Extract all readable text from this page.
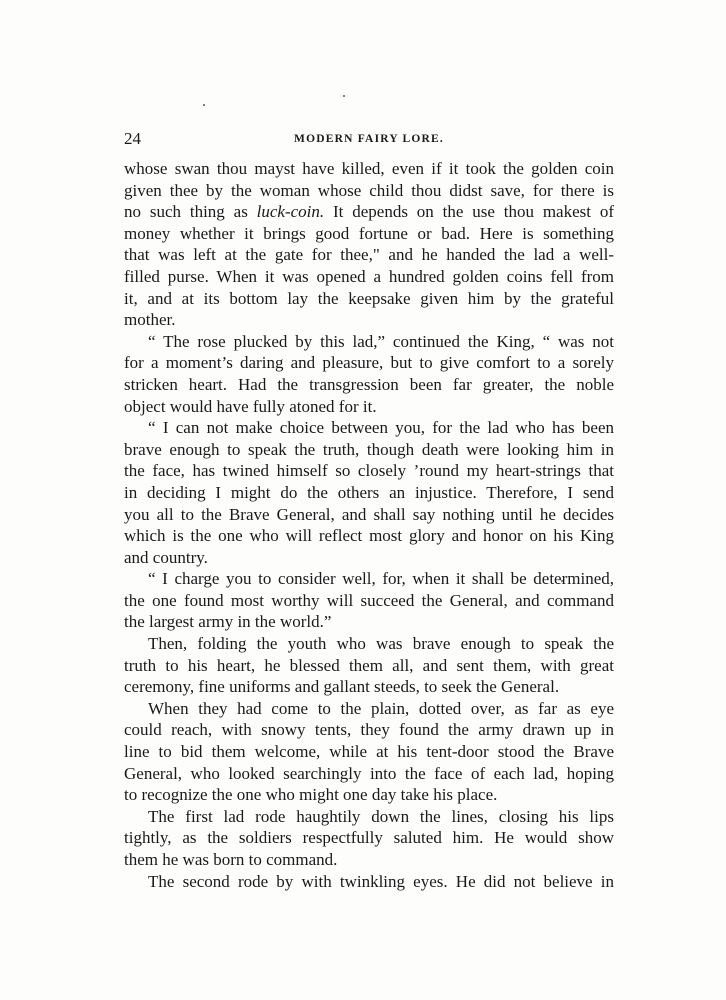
24	MODERN FAIRY LORE.
whose swan thou mayst have killed, even if it took the golden coin
given thee by the woman whose child thou didst save, for there is
no such thing as luck-coin. It depends on the use thou makest of
money whether it brings good fortune or bad. Here is something
that was left at the gate for thee," and he handed the lad a well-
filled purse. When it was opened a hundred golden coins fell from
it, and at its bottom lay the keepsake given him by the grateful
mother.
“ The rose plucked by this lad,” continued the King, “ was not
for a moment’s daring and pleasure, but to give comfort to a sorely
stricken heart. Had the transgression been far greater, the noble
object would have fully atoned for it.
“ I can not make choice between you, for the lad who has been
brave enough to speak the truth, though death were looking him in
the face, has twined himself so closely ’round my heart-strings that
in deciding I might do the others an injustice. Therefore, I send
you all to the Brave General, and shall say nothing until he decides
which is the one who will reflect most glory and honor on his King
and country.
“ I charge you to consider well, for, when it shall be determined,
the one found most worthy will succeed the General, and command
the largest army in the world.”
Then, folding the youth who was brave enough to speak the
truth to his heart, he blessed them all, and sent them, with great
ceremony, fine uniforms and gallant steeds, to seek the General.
When they had come to the plain, dotted over, as far as eye
could reach, with snowy tents, they found the army drawn up in
line to bid them welcome, while at his tent-door stood the Brave
General, who looked searchingly into the face of each lad, hoping
to recognize the one who might one day take his place.
The first lad rode haughtily down the lines, closing his lips
tightly, as the soldiers respectfully saluted him. He would show
them he was born to command.
The second rode by with twinkling eyes. He did not believe in
